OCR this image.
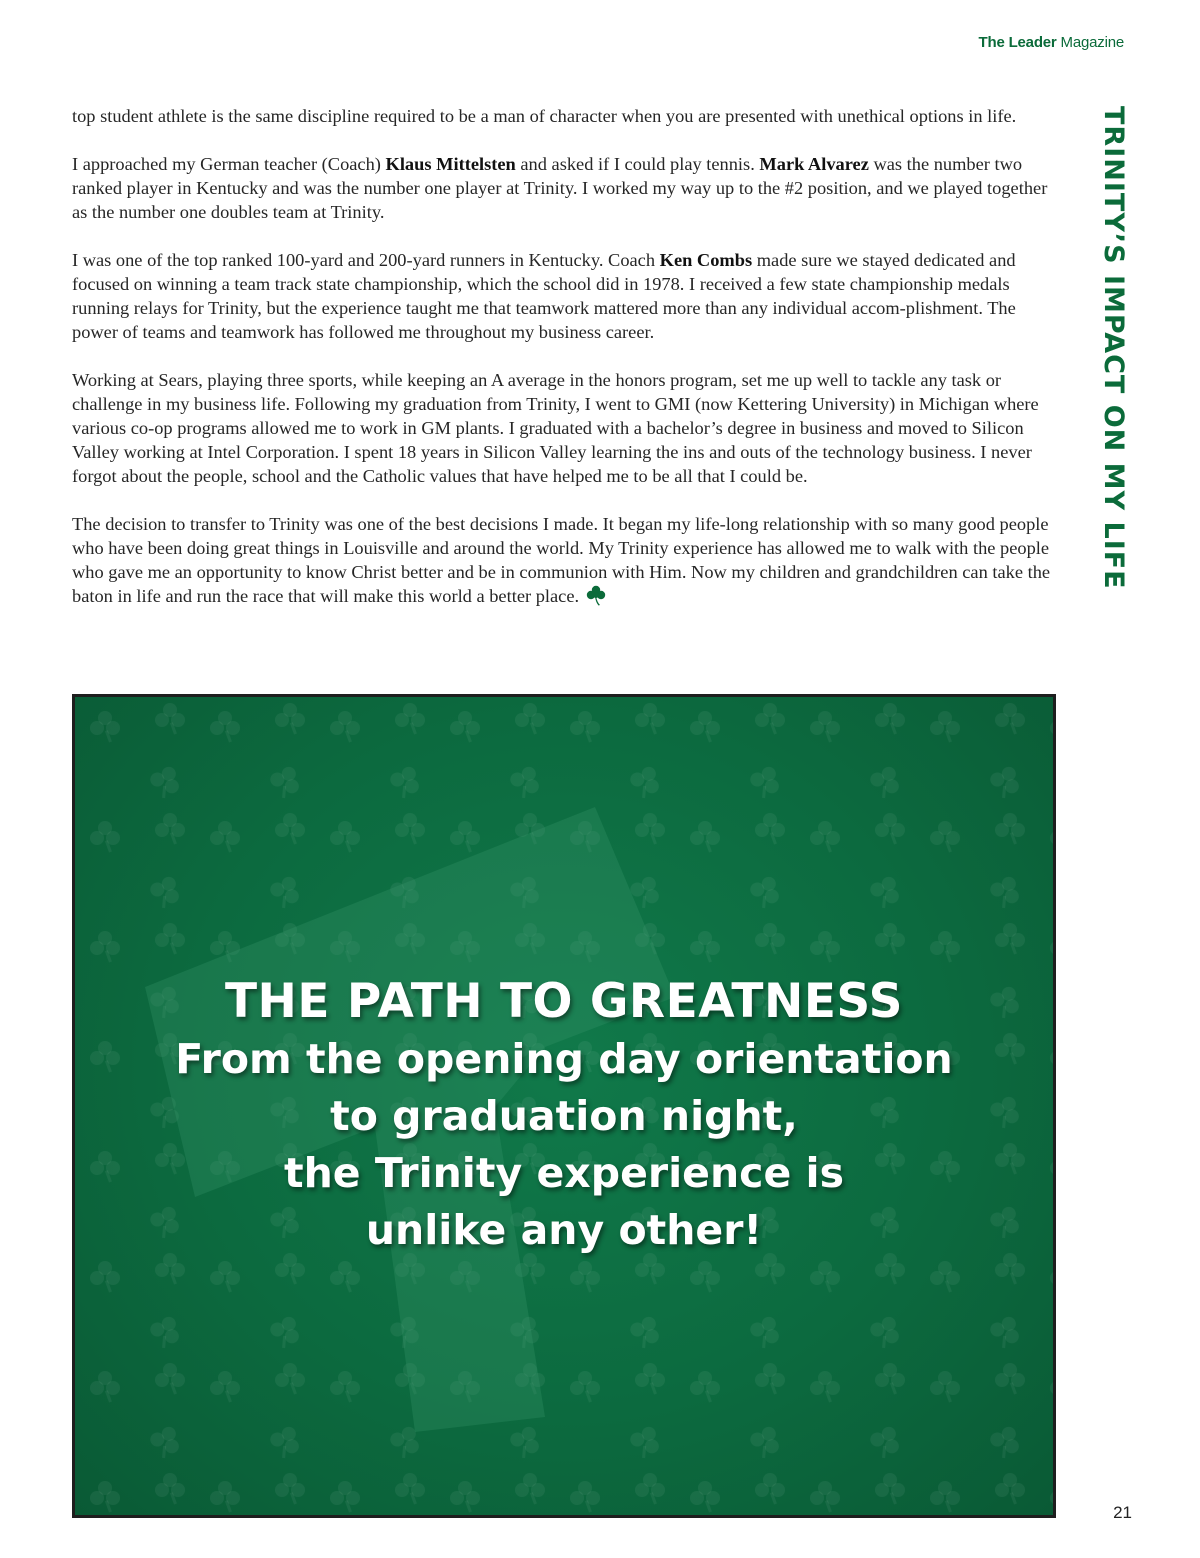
The Leader Magazine
TRINITY’S IMPACT ON MY LIFE

top student athlete is the same discipline required to be a man of character when you are presented with unethical options in life.

I approached my German teacher (Coach) Klaus Mittelsten and asked if I could play tennis. Mark Alvarez was the number two ranked player in Kentucky and was the number one player at Trinity. I worked my way up to the #2 position, and we played together as the number one doubles team at Trinity.

I was one of the top ranked 100-yard and 200-yard runners in Kentucky. Coach Ken Combs made sure we stayed dedicated and focused on winning a team track state championship, which the school did in 1978. I received a few state championship medals running relays for Trinity, but the experience taught me that teamwork mattered more than any individual accom-plishment. The power of teams and teamwork has followed me throughout my business career.

Working at Sears, playing three sports, while keeping an A average in the honors program, set me up well to tackle any task or challenge in my business life. Following my graduation from Trinity, I went to GMI (now Kettering University) in Michigan where various co-op programs allowed me to work in GM plants. I graduated with a bachelor’s degree in business and moved to Silicon Valley working at Intel Corporation. I spent 18 years in Silicon Valley learning the ins and outs of the technology business. I never forgot about the people, school and the Catholic values that have helped me to be all that I could be.

The decision to transfer to Trinity was one of the best decisions I made. It began my life-long relationship with so many good people who have been doing great things in Louisville and around the world. My Trinity experience has allowed me to walk with the people who gave me an opportunity to know Christ better and be in communion with Him. Now my children and grandchildren can take the baton in life and run the race that will make this world a better place.

THE PATH TO GREATNESS
From the opening day orientation
to graduation night,
the Trinity experience is
unlike any other!
21
